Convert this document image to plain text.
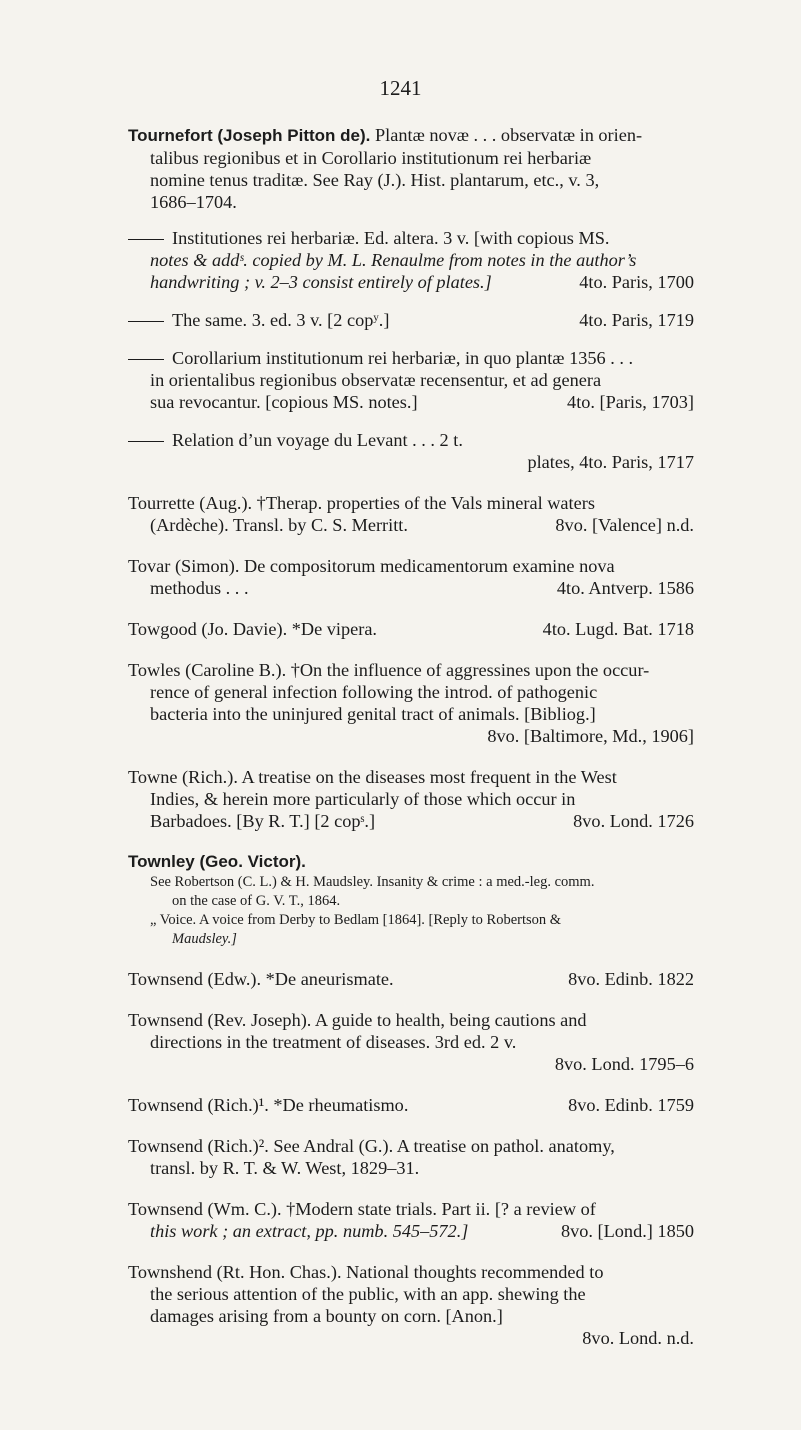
1241
Tournefort (Joseph Pitton de). Plantæ novæ . . . observatæ in orien-
talibus regionibus et in Corollario institutionum rei herbariæ
nomine tenus traditæ. See Ray (J.). Hist. plantarum, etc., v. 3,
1686–1704.
Institutiones rei herbariæ. Ed. altera. 3 v. [with copious MS.
notes & addˢ. copied by M. L. Renaulme from notes in the author’s
handwriting ; v. 2–3 consist entirely of plates.]	4to. Paris, 1700
The same. 3. ed. 3 v. [2 copʸ.]	4to. Paris, 1719
Corollarium institutionum rei herbariæ, in quo plantæ 1356 . . .
in orientalibus regionibus observatæ recensentur, et ad genera
sua revocantur. [copious MS. notes.]	4to. [Paris, 1703]
Relation d’un voyage du Levant . . . 2 t.
plates, 4to. Paris, 1717
Tourrette (Aug.). †Therap. properties of the Vals mineral waters
(Ardèche). Transl. by C. S. Merritt.	8vo. [Valence] n.d.
Tovar (Simon). De compositorum medicamentorum examine nova
methodus . . .	4to. Antverp. 1586
Towgood (Jo. Davie). *De vipera.	4to. Lugd. Bat. 1718
Towles (Caroline B.). †On the influence of aggressines upon the occur-
rence of general infection following the introd. of pathogenic
bacteria into the uninjured genital tract of animals. [Bibliog.]
8vo. [Baltimore, Md., 1906]
Towne (Rich.). A treatise on the diseases most frequent in the West
Indies, & herein more particularly of those which occur in
Barbadoes. [By R. T.] [2 copˢ.]	8vo. Lond. 1726
Townley (Geo. Victor).
See Robertson (C. L.) & H. Maudsley. Insanity & crime : a med.-leg. comm.
on the case of G. V. T., 1864.
„ Voice. A voice from Derby to Bedlam [1864]. [Reply to Robertson &
Maudsley.]
Townsend (Edw.). *De aneurismate.	8vo. Edinb. 1822
Townsend (Rev. Joseph). A guide to health, being cautions and
directions in the treatment of diseases. 3rd ed. 2 v.
8vo. Lond. 1795–6
Townsend (Rich.)¹. *De rheumatismo.	8vo. Edinb. 1759
Townsend (Rich.)². See Andral (G.). A treatise on pathol. anatomy,
transl. by R. T. & W. West, 1829–31.
Townsend (Wm. C.). †Modern state trials. Part ii. [? a review of
this work ; an extract, pp. numb. 545–572.]	8vo. [Lond.] 1850
Townshend (Rt. Hon. Chas.). National thoughts recommended to
the serious attention of the public, with an app. shewing the
damages arising from a bounty on corn. [Anon.]
8vo. Lond. n.d.
